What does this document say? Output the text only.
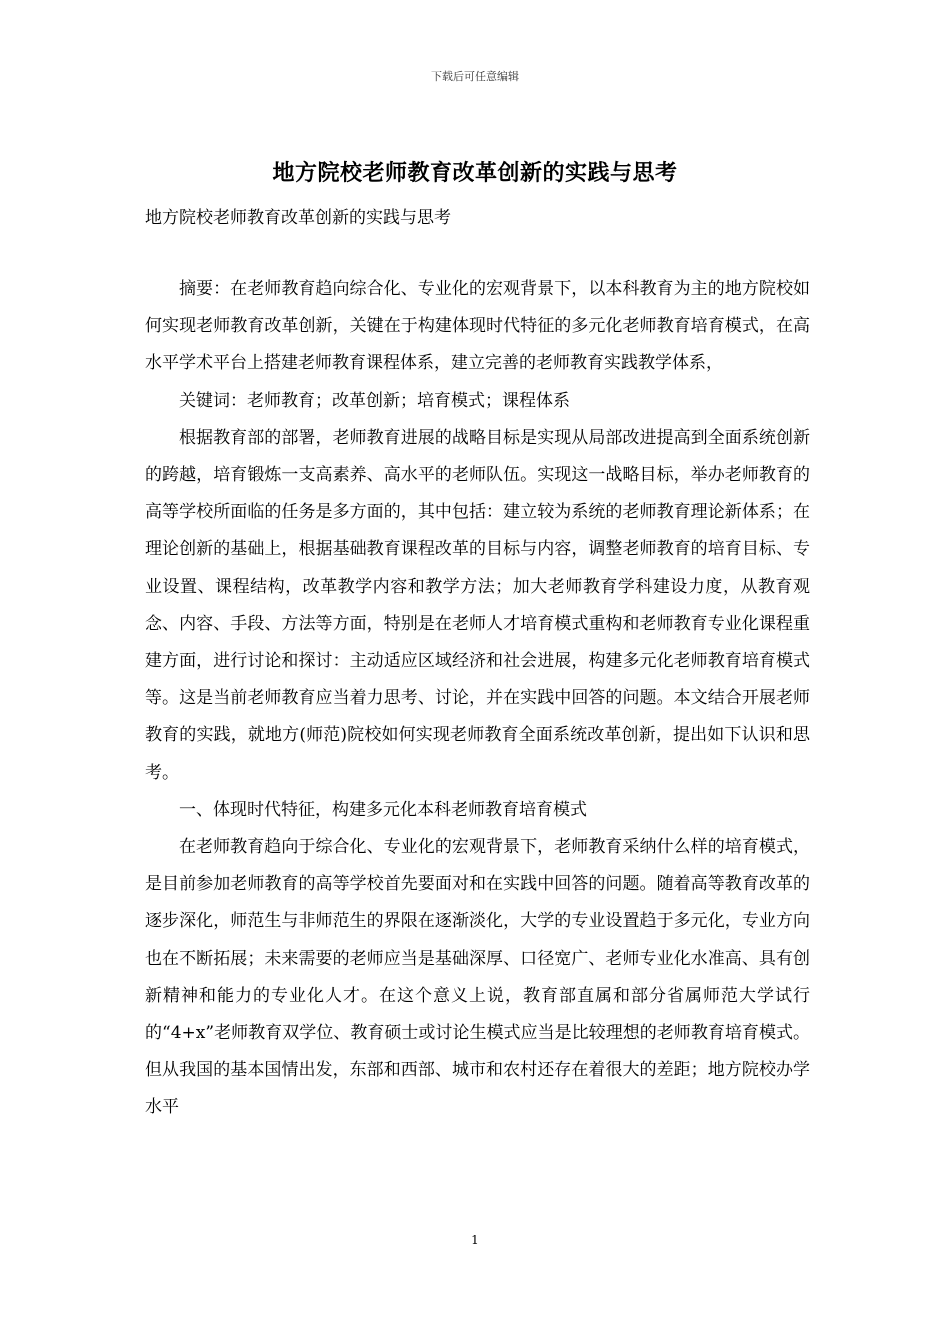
下载后可任意编辑
地方院校老师教育改革创新的实践与思考
地方院校老师教育改革创新的实践与思考

摘要：在老师教育趋向综合化、专业化的宏观背景下，以本科教育为主的地方院校如何实现老师教育改革创新，关键在于构建体现时代特征的多元化老师教育培育模式，在高水平学术平台上搭建老师教育课程体系，建立完善的老师教育实践教学体系，

关键词：老师教育；改革创新；培育模式；课程体系

根据教育部的部署，老师教育进展的战略目标是实现从局部改进提高到全面系统创新的跨越，培育锻炼一支高素养、高水平的老师队伍。实现这一战略目标，举办老师教育的高等学校所面临的任务是多方面的，其中包括：建立较为系统的老师教育理论新体系；在理论创新的基础上，根据基础教育课程改革的目标与内容，调整老师教育的培育目标、专业设置、课程结构，改革教学内容和教学方法；加大老师教育学科建设力度，从教育观念、内容、手段、方法等方面，特别是在老师人才培育模式重构和老师教育专业化课程重建方面，进行讨论和探讨：主动适应区域经济和社会进展，构建多元化老师教育培育模式等。这是当前老师教育应当着力思考、讨论，并在实践中回答的问题。本文结合开展老师教育的实践，就地方(师范)院校如何实现老师教育全面系统改革创新，提出如下认识和思考。

一、体现时代特征，构建多元化本科老师教育培育模式

在老师教育趋向于综合化、专业化的宏观背景下，老师教育采纳什么样的培育模式，是目前参加老师教育的高等学校首先要面对和在实践中回答的问题。随着高等教育改革的逐步深化，师范生与非师范生的界限在逐渐淡化，大学的专业设置趋于多元化，专业方向也在不断拓展；未来需要的老师应当是基础深厚、口径宽广、老师专业化水准高、具有创新精神和能力的专业化人才。在这个意义上说，教育部直属和部分省属师范大学试行的“4+x”老师教育双学位、教育硕士或讨论生模式应当是比较理想的老师教育培育模式。但从我国的基本国情出发，东部和西部、城市和农村还存在着很大的差距；地方院校办学水平

1
